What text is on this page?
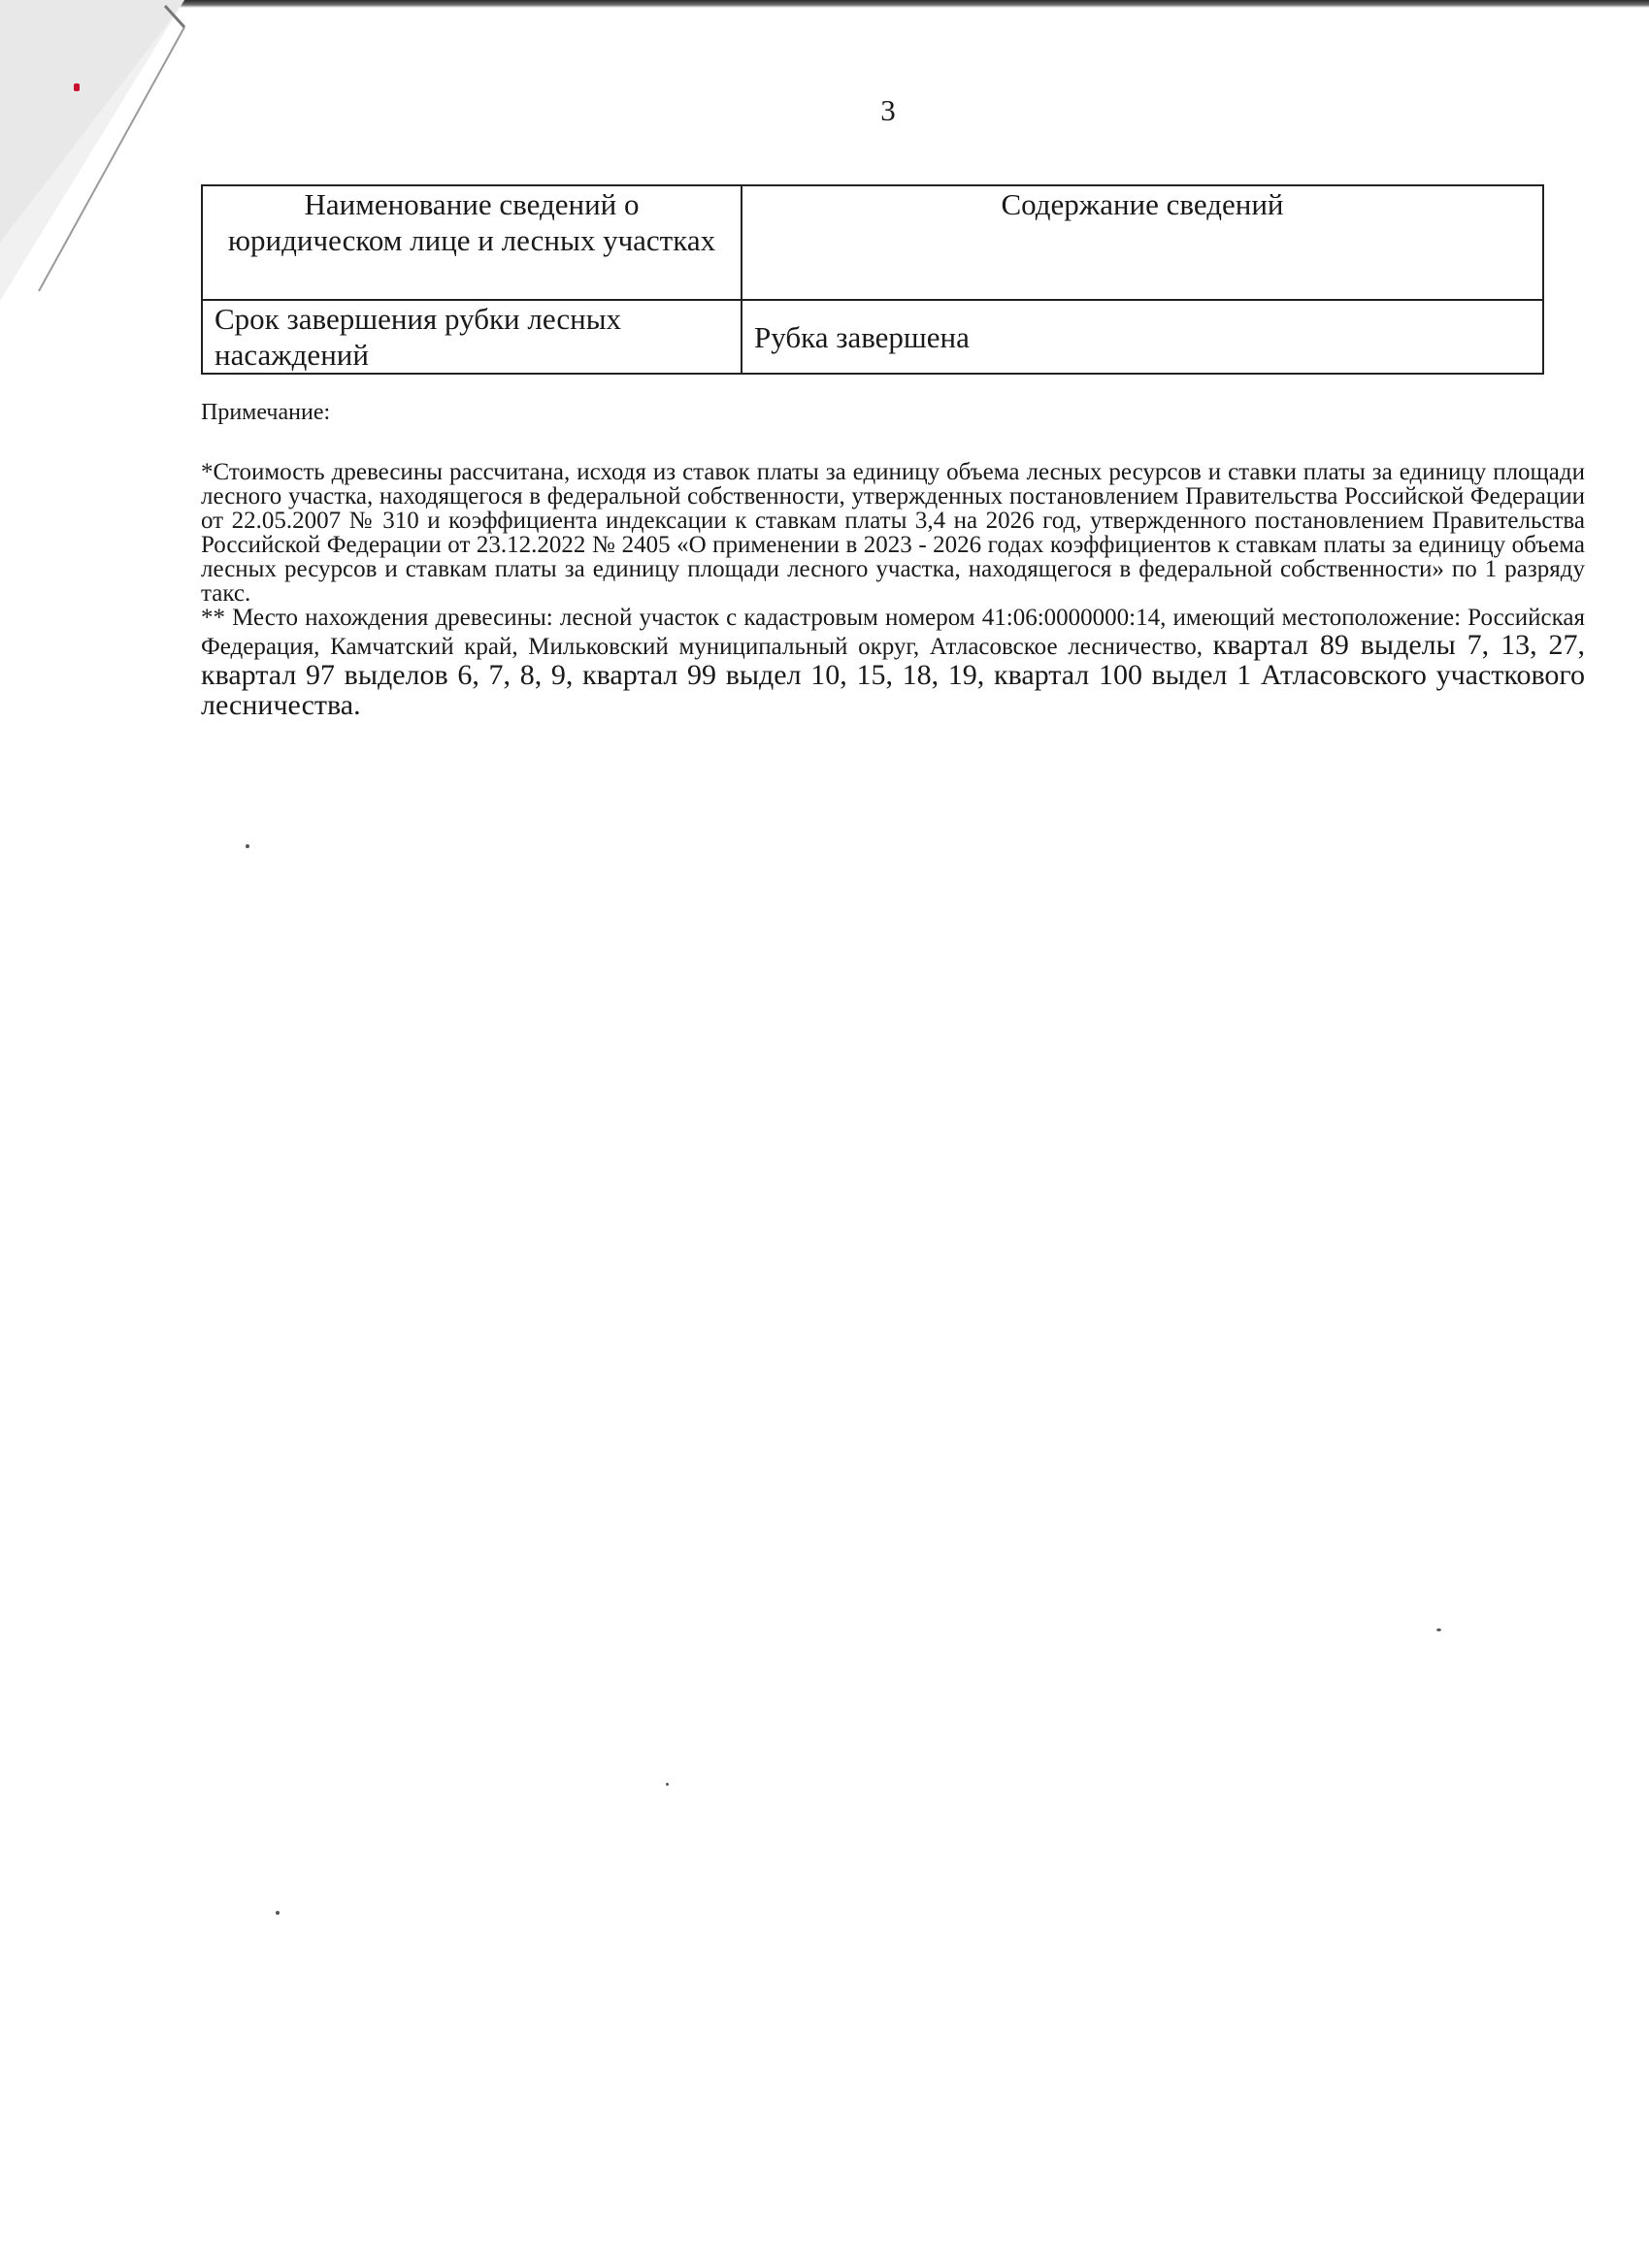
3
Наименование сведений о юридическом лице и лесных участках	Содержание сведений
Срок завершения рубки лесных насаждений	Рубка завершена
Примечание:

*Стоимость древесины рассчитана, исходя из ставок платы за единицу объема лесных ресурсов и ставки платы за единицу площади лесного участка, находящегося в федеральной собственности, утвержденных постановлением Правительства Российской Федерации от 22.05.2007 № 310 и коэффициента индексации к ставкам платы 3,4 на 2026 год, утвержденного постановлением Правительства Российской Федерации от 23.12.2022 № 2405 «О применении в 2023 - 2026 годах коэффициентов к ставкам платы за единицу объема лесных ресурсов и ставкам платы за единицу площади лесного участка, находящегося в федеральной собственности» по 1 разряду такс.

** Место нахождения древесины: лесной участок с кадастровым номером 41:06:0000000:14, имеющий местоположение: Российская Федерация, Камчатский край, Мильковский муниципальный округ, Атласовское лесничество, квартал 89 выделы 7, 13, 27, квартал 97 выделов 6, 7, 8, 9, квартал 99 выдел 10, 15, 18, 19, квартал 100 выдел 1 Атласовского участкового лесничества.
